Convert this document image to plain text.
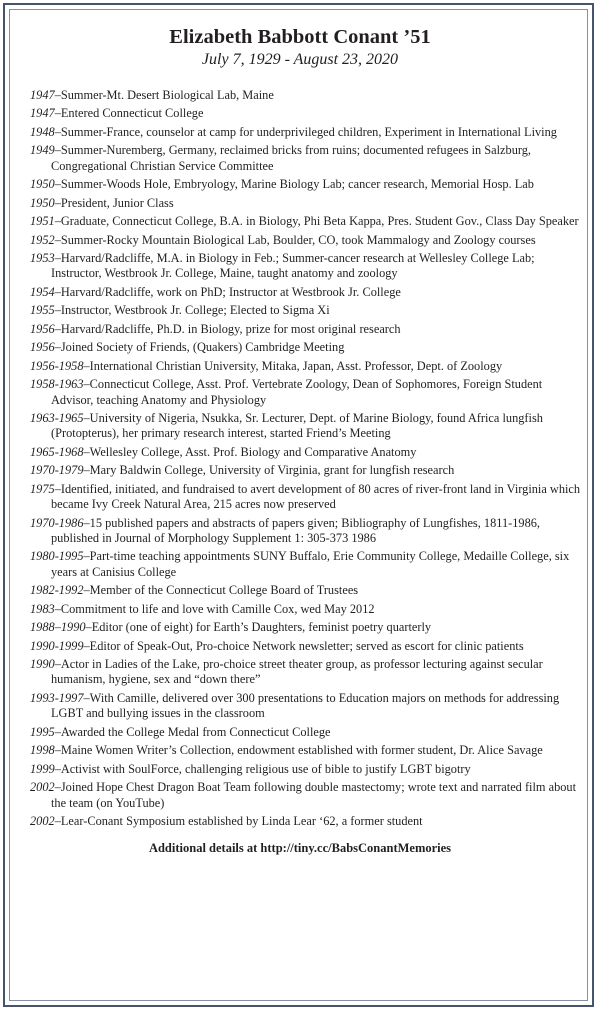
Elizabeth Babbott Conant ’51
July 7, 1929 - August 23, 2020
1947–Summer-Mt. Desert Biological Lab, Maine
1947–Entered Connecticut College
1948–Summer-France, counselor at camp for underprivileged children, Experiment in International Living
1949–Summer-Nuremberg, Germany, reclaimed bricks from ruins; documented refugees in Salzburg, Congregational Christian Service Committee
1950–Summer-Woods Hole, Embryology, Marine Biology Lab; cancer research, Memorial Hosp. Lab
1950–President, Junior Class
1951–Graduate, Connecticut College, B.A. in Biology, Phi Beta Kappa, Pres. Student Gov., Class Day Speaker
1952–Summer-Rocky Mountain Biological Lab, Boulder, CO, took Mammalogy and Zoology courses
1953–Harvard/Radcliffe, M.A. in Biology in Feb.; Summer-cancer research at Wellesley College Lab; Instructor, Westbrook Jr. College, Maine, taught anatomy and zoology
1954–Harvard/Radcliffe, work on PhD; Instructor at Westbrook Jr. College
1955–Instructor, Westbrook Jr. College; Elected to Sigma Xi
1956–Harvard/Radcliffe, Ph.D. in Biology, prize for most original research
1956–Joined Society of Friends, (Quakers) Cambridge Meeting
1956-1958–International Christian University, Mitaka, Japan, Asst. Professor, Dept. of Zoology
1958-1963–Connecticut College, Asst. Prof. Vertebrate Zoology, Dean of Sophomores, Foreign Student Advisor, teaching Anatomy and Physiology
1963-1965–University of Nigeria, Nsukka, Sr. Lecturer, Dept. of Marine Biology, found Africa lungfish (Protopterus), her primary research interest, started Friend’s Meeting
1965-1968–Wellesley College, Asst. Prof. Biology and Comparative Anatomy
1970-1979–Mary Baldwin College, University of Virginia, grant for lungfish research
1975–Identified, initiated, and fundraised to avert development of 80 acres of river-front land in Virginia which became Ivy Creek Natural Area, 215 acres now preserved
1970-1986–15 published papers and abstracts of papers given; Bibliography of Lungfishes, 1811-1986, published in Journal of Morphology Supplement 1: 305-373 1986
1980-1995–Part-time teaching appointments SUNY Buffalo, Erie Community College, Medaille College, six years at Canisius College
1982-1992–Member of the Connecticut College Board of Trustees
1983–Commitment to life and love with Camille Cox, wed May 2012
1988–1990–Editor (one of eight) for Earth’s Daughters, feminist poetry quarterly
1990-1999–Editor of Speak-Out, Pro-choice Network newsletter; served as escort for clinic patients
1990–Actor in Ladies of the Lake, pro-choice street theater group, as professor lecturing against secular humanism, hygiene, sex and “down there”
1993-1997–With Camille, delivered over 300 presentations to Education majors on methods for addressing LGBT and bullying issues in the classroom
1995–Awarded the College Medal from Connecticut College
1998–Maine Women Writer’s Collection, endowment established with former student, Dr. Alice Savage
1999–Activist with SoulForce, challenging religious use of bible to justify LGBT bigotry
2002–Joined Hope Chest Dragon Boat Team following double mastectomy; wrote text and narrated film about the team (on YouTube)
2002–Lear-Conant Symposium established by Linda Lear ‘62, a former student
Additional details at http://tiny.cc/BabsConantMemories
